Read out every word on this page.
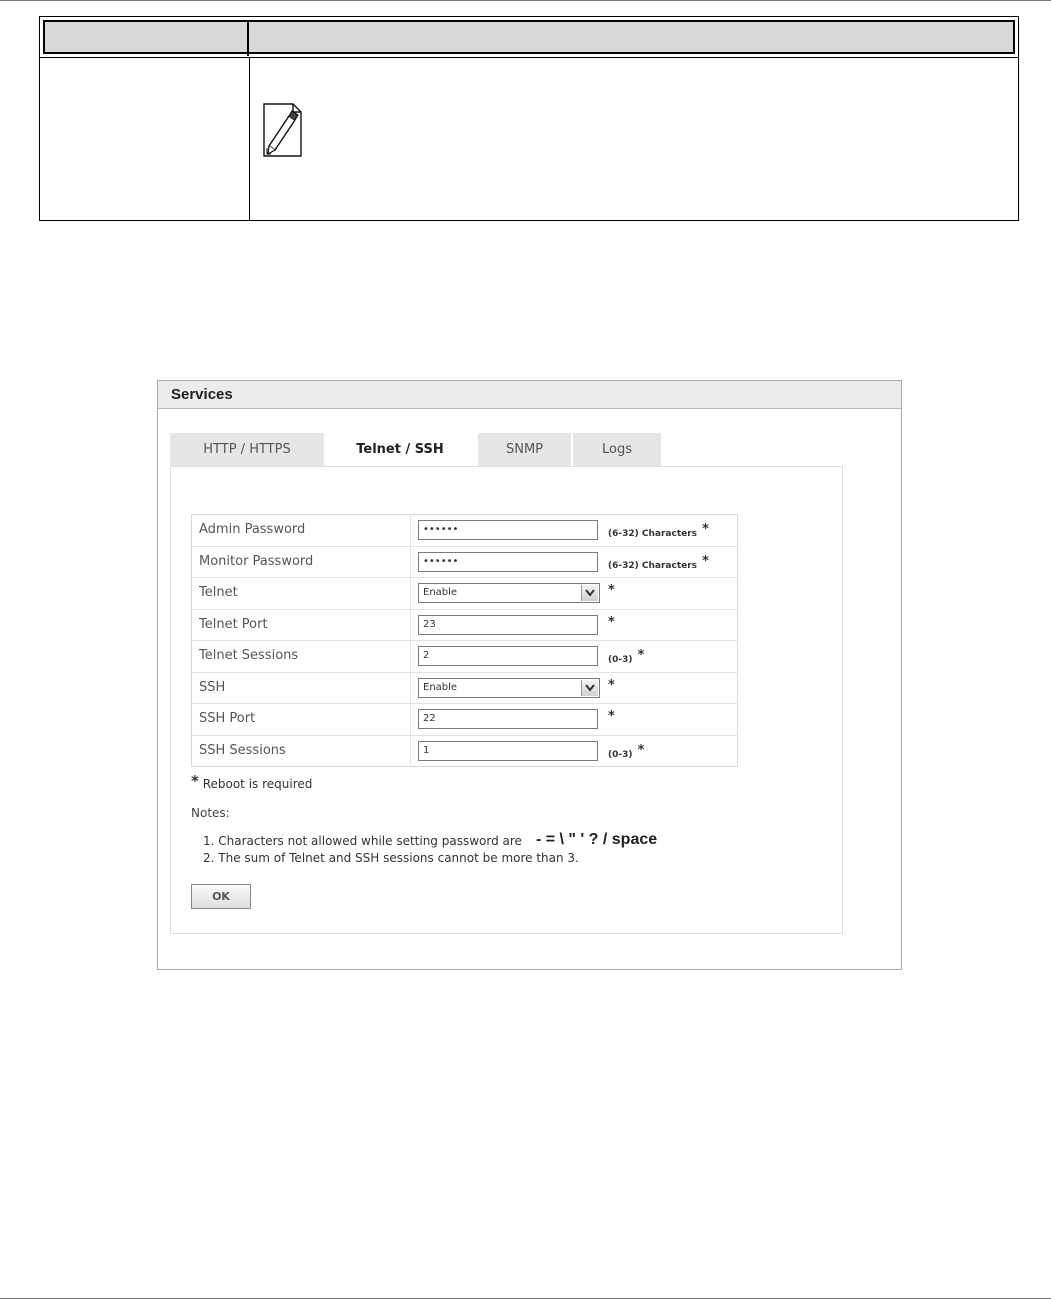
Services
HTTP / HTTPS	Telnet / SSH	SNMP	Logs
Admin Password	••••••	(6-32) Characters *
Monitor Password	••••••	(6-32) Characters *
Telnet	Enable	*
Telnet Port	23	*
Telnet Sessions	2	(0-3) *
SSH	Enable	*
SSH Port	22	*
SSH Sessions	1	(0-3) *
* Reboot is required
Notes:
1. Characters not allowed while setting password are - = \ " ' ? / space
2. The sum of Telnet and SSH sessions cannot be more than 3.
OK
